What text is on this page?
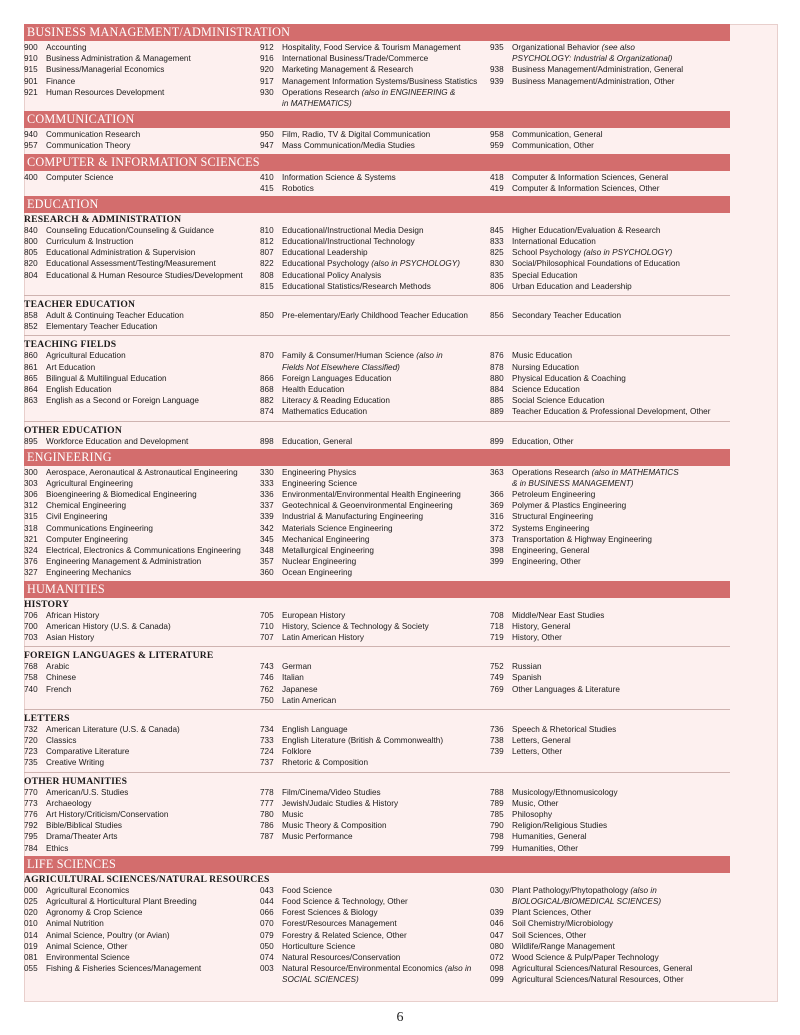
BUSINESS MANAGEMENT/ADMINISTRATION
900	Accounting
910	Business Administration & Management
915	Business/Managerial Economics
901	Finance
921	Human Resources Development
912	Hospitality, Food Service & Tourism Management
916	International Business/Trade/Commerce
920	Marketing Management & Research
917	Management Information Systems/Business Statistics
930	Operations Research (also in ENGINEERING &
in MATHEMATICS)
935	Organizational Behavior (see also
PSYCHOLOGY: Industrial & Organizational)
938	Business Management/Administration, General
939	Business Management/Administration, Other
COMMUNICATION
940	Communication Research
957	Communication Theory
950	Film, Radio, TV & Digital Communication
947	Mass Communication/Media Studies
958	Communication, General
959	Communication, Other
COMPUTER & INFORMATION SCIENCES
400	Computer Science	410	Information Science & Systems
415	Robotics
418	Computer & Information Sciences, General
419	Computer & Information Sciences, Other
EDUCATION
RESEARCH & ADMINISTRATION
840	Counseling Education/Counseling & Guidance
800	Curriculum & Instruction
805	Educational Administration & Supervision
820	Educational Assessment/Testing/Measurement
804	Educational & Human Resource Studies/Development
810	Educational/Instructional Media Design
812	Educational/Instructional Technology
807	Educational Leadership
822	Educational Psychology (also in PSYCHOLOGY)
808	Educational Policy Analysis
815	Educational Statistics/Research Methods
845	Higher Education/Evaluation & Research
833	International Education
825	School Psychology (also in PSYCHOLOGY)
830	Social/Philosophical Foundations of Education
835	Special Education
806	Urban Education and Leadership
TEACHER EDUCATION
858	Adult & Continuing Teacher Education
852	Elementary Teacher Education
850	Pre-elementary/Early Childhood Teacher Education	856	Secondary Teacher Education
TEACHING FIELDS
860	Agricultural Education
861	Art Education
865	Bilingual & Multilingual Education
864	English Education
863	English as a Second or Foreign Language
870	Family & Consumer/Human Science (also in
Fields Not Elsewhere Classified)
866	Foreign Languages Education
868	Health Education
882	Literacy & Reading Education
874	Mathematics Education
876	Music Education
878	Nursing Education
880	Physical Education & Coaching
884	Science Education
885	Social Science Education
889	Teacher Education & Professional Development, Other
OTHER EDUCATION
895	Workforce Education and Development	898	Education, General	899	Education, Other
ENGINEERING
300	Aerospace, Aeronautical & Astronautical Engineering
303	Agricultural Engineering
306	Bioengineering & Biomedical Engineering
312	Chemical Engineering
315	Civil Engineering
318	Communications Engineering
321	Computer Engineering
324	Electrical, Electronics & Communications Engineering
376	Engineering Management & Administration
327	Engineering Mechanics
330	Engineering Physics
333	Engineering Science
336	Environmental/Environmental Health Engineering
337	Geotechnical & Geoenvironmental Engineering
339	Industrial & Manufacturing Engineering
342	Materials Science Engineering
345	Mechanical Engineering
348	Metallurgical Engineering
357	Nuclear Engineering
360	Ocean Engineering
363	Operations Research (also in MATHEMATICS
& in BUSINESS MANAGEMENT)
366	Petroleum Engineering
369	Polymer & Plastics Engineering
316	Structural Engineering
372	Systems Engineering
373	Transportation & Highway Engineering
398	Engineering, General
399	Engineering, Other
HUMANITIES
HISTORY
706	African History
700	American History (U.S. & Canada)
703	Asian History
705	European History
710	History, Science & Technology & Society
707	Latin American History
708	Middle/Near East Studies
718	History, General
719	History, Other
FOREIGN LANGUAGES & LITERATURE
768	Arabic
758	Chinese
740	French
743	German
746	Italian
762	Japanese
750	Latin American
752	Russian
749	Spanish
769	Other Languages & Literature
LETTERS
732	American Literature (U.S. & Canada)
720	Classics
723	Comparative Literature
735	Creative Writing
734	English Language
733	English Literature (British & Commonwealth)
724	Folklore
737	Rhetoric & Composition
736	Speech & Rhetorical Studies
738	Letters, General
739	Letters, Other
OTHER HUMANITIES
770	American/U.S. Studies
773	Archaeology
776	Art History/Criticism/Conservation
792	Bible/Biblical Studies
795	Drama/Theater Arts
784	Ethics
778	Film/Cinema/Video Studies
777	Jewish/Judaic Studies & History
780	Music
786	Music Theory & Composition
787	Music Performance
788	Musicology/Ethnomusicology
789	Music, Other
785	Philosophy
790	Religion/Religious Studies
798	Humanities, General
799	Humanities, Other
LIFE SCIENCES
AGRICULTURAL SCIENCES/NATURAL RESOURCES
000	Agricultural Economics
025	Agricultural & Horticultural Plant Breeding
020	Agronomy & Crop Science
010	Animal Nutrition
014	Animal Science, Poultry (or Avian)
019	Animal Science, Other
081	Environmental Science
055	Fishing & Fisheries Sciences/Management
043	Food Science
044	Food Science & Technology, Other
066	Forest Sciences & Biology
070	Forest/Resources Management
079	Forestry & Related Science, Other
050	Horticulture Science
074	Natural Resources/Conservation
003	Natural Resource/Environmental Economics (also in
SOCIAL SCIENCES)
030	Plant Pathology/Phytopathology (also in
BIOLOGICAL/BIOMEDICAL SCIENCES)
039	Plant Sciences, Other
046	Soil Chemistry/Microbiology
047	Soil Sciences, Other
080	Wildlife/Range Management
072	Wood Science & Pulp/Paper Technology
098	Agricultural Sciences/Natural Resources, General
099	Agricultural Sciences/Natural Resources, Other
6
